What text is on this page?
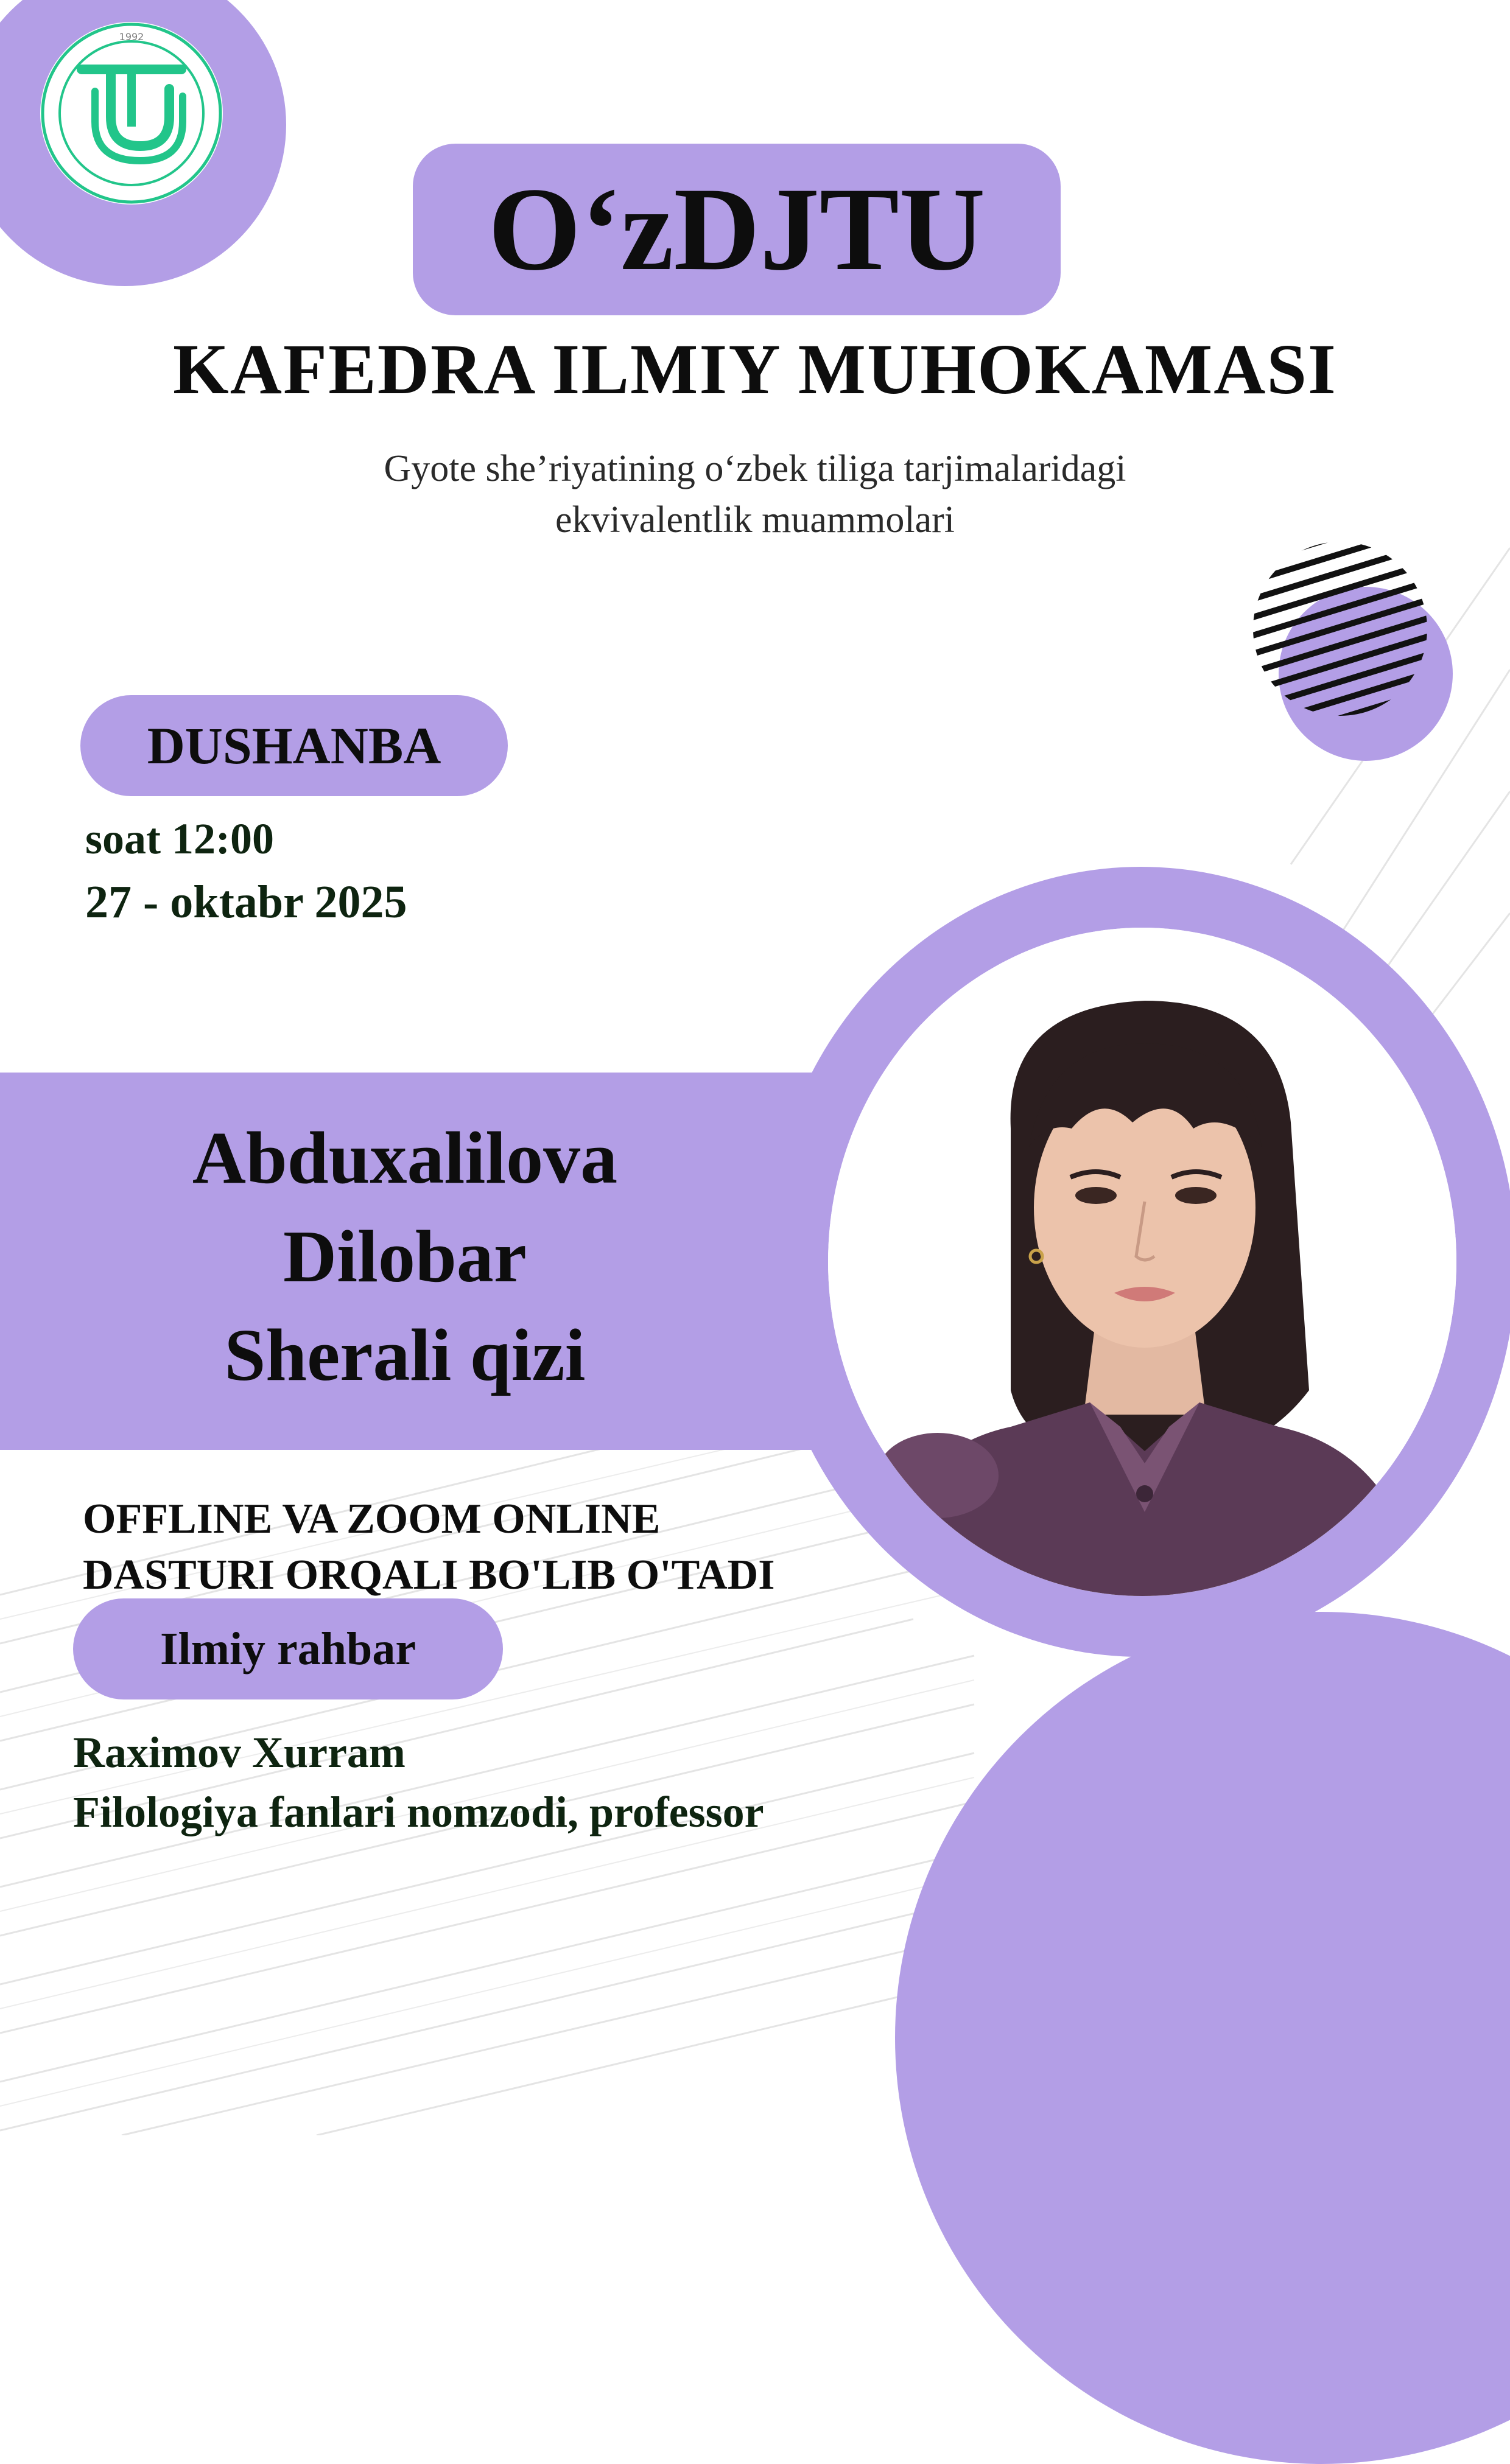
1992
O‘zDJTU
KAFEDRA ILMIY MUHOKAMASI
Gyote she’riyatining o‘zbek tiliga tarjimalaridagi
ekvivalentlik muammolari
DUSHANBA
soat 12:00
27 - oktabr 2025
Abduxalilova
Dilobar
Sherali qizi
OFFLINE VA ZOOM ONLINE
DASTURI ORQALI BO'LIB O'TADI
Ilmiy rahbar
Raximov Xurram
Filologiya fanlari nomzodi, professor
